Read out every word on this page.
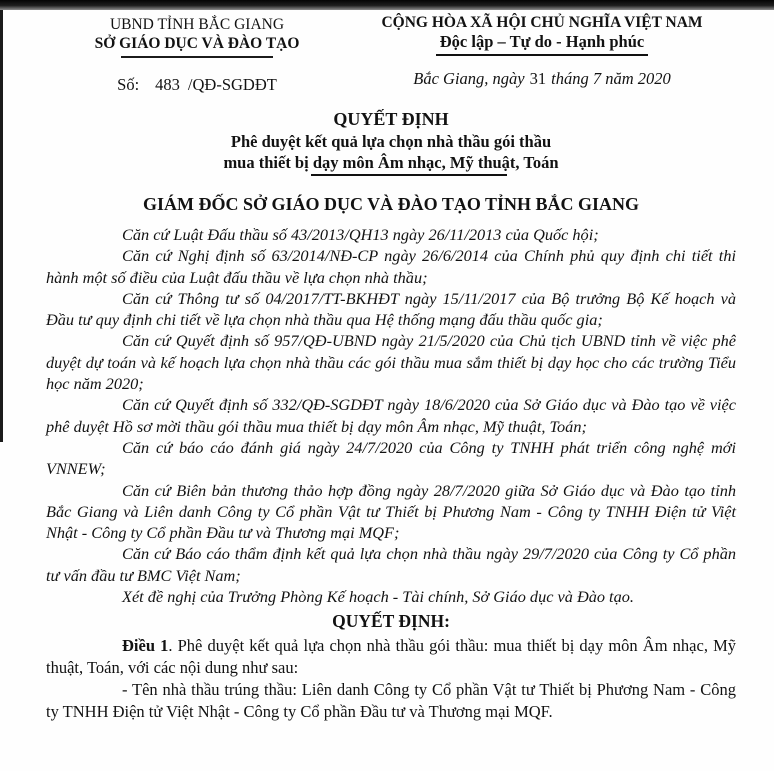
UBND TỈNH BẮC GIANG
SỞ GIÁO DỤC VÀ ĐÀO TẠO
Số: 483 /QĐ-SGDĐT
CỘNG HÒA XÃ HỘI CHỦ NGHĨA VIỆT NAM
Độc lập – Tự do - Hạnh phúc
Bắc Giang, ngày 31 tháng 7 năm 2020
QUYẾT ĐỊNH
Phê duyệt kết quả lựa chọn nhà thầu gói thầu
mua thiết bị dạy môn Âm nhạc, Mỹ thuật, Toán
GIÁM ĐỐC SỞ GIÁO DỤC VÀ ĐÀO TẠO TỈNH BẮC GIANG

Căn cứ Luật Đấu thầu số 43/2013/QH13 ngày 26/11/2013 của Quốc hội;

Căn cứ Nghị định số 63/2014/NĐ-CP ngày 26/6/2014 của Chính phủ quy định chi tiết thi hành một số điều của Luật đấu thầu về lựa chọn nhà thầu;

Căn cứ Thông tư số 04/2017/TT-BKHĐT ngày 15/11/2017 của Bộ trưởng Bộ Kế hoạch và Đầu tư quy định chi tiết về lựa chọn nhà thầu qua Hệ thống mạng đấu thầu quốc gia;

Căn cứ Quyết định số 957/QĐ-UBND ngày 21/5/2020 của Chủ tịch UBND tỉnh về việc phê duyệt dự toán và kế hoạch lựa chọn nhà thầu các gói thầu mua sắm thiết bị dạy học cho các trường Tiểu học năm 2020;

Căn cứ Quyết định số 332/QĐ-SGDĐT ngày 18/6/2020 của Sở Giáo dục và Đào tạo về việc phê duyệt Hồ sơ mời thầu gói thầu mua thiết bị dạy môn Âm nhạc, Mỹ thuật, Toán;

Căn cứ báo cáo đánh giá ngày 24/7/2020 của Công ty TNHH phát triển công nghệ mới VNNEW;

Căn cứ Biên bản thương thảo hợp đồng ngày 28/7/2020 giữa Sở Giáo dục và Đào tạo tỉnh Bắc Giang và Liên danh Công ty Cổ phần Vật tư Thiết bị Phương Nam - Công ty TNHH Điện tử Việt Nhật - Công ty Cổ phần Đầu tư và Thương mại MQF;

Căn cứ Báo cáo thẩm định kết quả lựa chọn nhà thầu ngày 29/7/2020 của Công ty Cổ phần tư vấn đầu tư BMC Việt Nam;

Xét đề nghị của Trưởng Phòng Kế hoạch - Tài chính, Sở Giáo dục và Đào tạo.

QUYẾT ĐỊNH:

Điều 1. Phê duyệt kết quả lựa chọn nhà thầu gói thầu: mua thiết bị dạy môn Âm nhạc, Mỹ thuật, Toán, với các nội dung như sau:

- Tên nhà thầu trúng thầu: Liên danh Công ty Cổ phần Vật tư Thiết bị Phương Nam - Công ty TNHH Điện tử Việt Nhật - Công ty Cổ phần Đầu tư và Thương mại MQF.
